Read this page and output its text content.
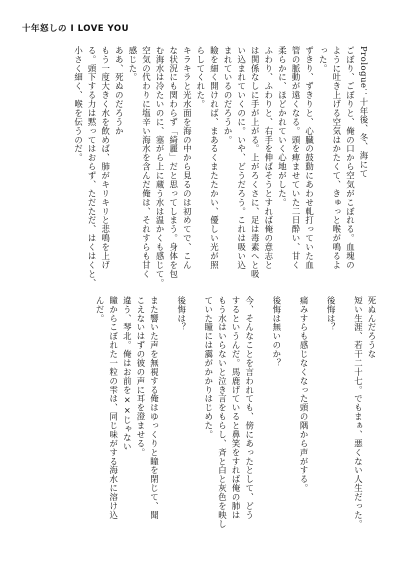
十年怒しの I LOVE YOU
Prologue：十年後、冬、海にて
ごぼり、ごぼりと、俺の口から空気がこぼれる。血塊の
ように吐き上げる空気はかたくて、きゅっと喉が鳴るよ
った。
ずきり、ずきりと、心臓の鼓動にあわせ軋打っていた血
管の脈動が遠くなる。頭を痺ませていた二日酔い、甘く
柔らかに、ほどかれていく心地がした。
ふわり、ふわりと、右手を伸ばそうとすれば俺の意志と
は関係なしに手が上がる。上がろくさに、足は毒素へと吸
い込まれていくのに。いや、どうだろう。これは吸い込
まれているのだろうか。
瞼を細く開ければ、まあるくまたたかい、優しい光が照
らしてくれた。
キラキラと光水面を海の中から見るのは初めてで、こん
な状況にも関わらず「綺麗」だと思ってしまう。身体を包
む海水は冷たいのに、塞がら上に蔵う水は温かくも感じて。
空気の代わりに塩辛い海水を含んだ俺は、それすらも甘く
感じた。
ああ、死ぬのだろうか
もう一度大きく水を飲めば、肺がキリキリと悲鳴を上げ
る。頭下する力は黙ってはおらず、ただただ、はくはくと、
小さく細く、喉を伝うのだ。
死ぬんだろうな
短い生涯、若干二十七。でもまぁ、悪くない人生だった。

後悔は？

痛みすらも感じなくなった頭の隅から声がする。

後悔は無いのか？

今、そんなことを言われても、傍にあったとして、どう
するというんだ。馬鹿げていると鼻笑をすれば俺の肺は
もう水はいらないと泣き言をもらし、斉と白と灰色を映し
ていた瞳には靄がかかりはじめた。

後悔は？

また響いた声を無視する俺はゆっくりと瞳を閉じて、聞
こえないはずの彼の声に耳を澄ませる。
違う、琴北。俺はお前を××じゃない
瞳からこぼれた一粒の雫は、同じ味がする海水に溶け込
んだ。
